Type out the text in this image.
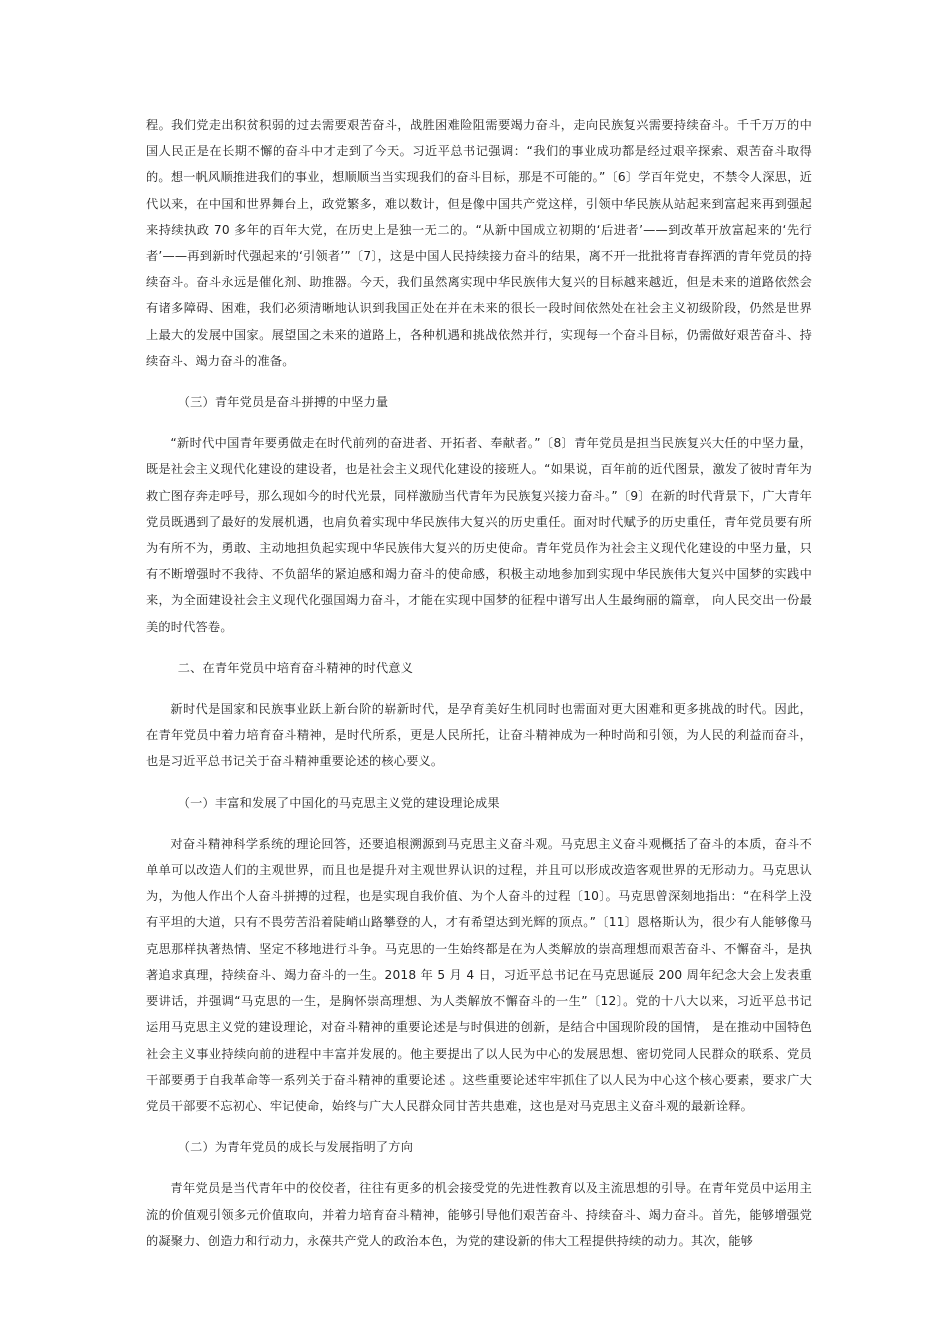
程。我们党走出积贫积弱的过去需要艰苦奋斗，战胜困难险阻需要竭力奋斗，走向民族复兴需要持续奋斗。千千万万的中国人民正是在长期不懈的奋斗中才走到了今天。习近平总书记强调：“我们的事业成功都是经过艰辛探索、艰苦奋斗取得的。想一帆风顺推进我们的事业，想顺顺当当实现我们的奋斗目标，那是不可能的。”〔6〕学百年党史，不禁令人深思，近代以来，在中国和世界舞台上，政党繁多，难以数计，但是像中国共产党这样，引领中华民族从站起来到富起来再到强起来持续执政 70 多年的百年大党，在历史上是独一无二的。“从新中国成立初期的‘后进者’——到改革开放富起来的‘先行者’——再到新时代强起来的‘引领者’”〔7〕，这是中国人民持续接力奋斗的结果，离不开一批批将青春挥洒的青年党员的持续奋斗。奋斗永远是催化剂、助推器。今天，我们虽然离实现中华民族伟大复兴的目标越来越近，但是未来的道路依然会有诸多障碍、困难，我们必须清晰地认识到我国正处在并在未来的很长一段时间依然处在社会主义初级阶段，仍然是世界上最大的发展中国家。展望国之未来的道路上，各种机遇和挑战依然并行，实现每一个奋斗目标，仍需做好艰苦奋斗、持续奋斗、竭力奋斗的准备。

（三）青年党员是奋斗拼搏的中坚力量

“新时代中国青年要勇做走在时代前列的奋进者、开拓者、奉献者。”〔8〕青年党员是担当民族复兴大任的中坚力量，既是社会主义现代化建设的建设者，也是社会主义现代化建设的接班人。“如果说，百年前的近代图景，激发了彼时青年为救亡图存奔走呼号，那么现如今的时代光景，同样激励当代青年为民族复兴接力奋斗。”〔9〕在新的时代背景下，广大青年党员既遇到了最好的发展机遇，也肩负着实现中华民族伟大复兴的历史重任。面对时代赋予的历史重任，青年党员要有所为有所不为，勇敢、主动地担负起实现中华民族伟大复兴的历史使命。青年党员作为社会主义现代化建设的中坚力量，只有不断增强时不我待、不负韶华的紧迫感和竭力奋斗的使命感，积极主动地参加到实现中华民族伟大复兴中国梦的实践中来，为全面建设社会主义现代化强国竭力奋斗，才能在实现中国梦的征程中谱写出人生最绚丽的篇章， 向人民交出一份最美的时代答卷。

二、在青年党员中培育奋斗精神的时代意义

新时代是国家和民族事业跃上新台阶的崭新时代，是孕育美好生机同时也需面对更大困难和更多挑战的时代。因此，在青年党员中着力培育奋斗精神，是时代所系，更是人民所托，让奋斗精神成为一种时尚和引领，为人民的利益而奋斗，也是习近平总书记关于奋斗精神重要论述的核心要义。

（一）丰富和发展了中国化的马克思主义党的建设理论成果

对奋斗精神科学系统的理论回答，还要追根溯源到马克思主义奋斗观。马克思主义奋斗观概括了奋斗的本质，奋斗不单单可以改造人们的主观世界，而且也是提升对主观世界认识的过程，并且可以形成改造客观世界的无形动力。马克思认为，为他人作出个人奋斗拼搏的过程，也是实现自我价值、为个人奋斗的过程〔10〕。马克思曾深刻地指出：“在科学上没有平坦的大道，只有不畏劳苦沿着陡峭山路攀登的人，才有希望达到光辉的顶点。”〔11〕恩格斯认为，很少有人能够像马克思那样执著热情、坚定不移地进行斗争。马克思的一生始终都是在为人类解放的崇高理想而艰苦奋斗、不懈奋斗，是执著追求真理，持续奋斗、竭力奋斗的一生。2018 年 5 月 4 日，习近平总书记在马克思诞辰 200 周年纪念大会上发表重要讲话，并强调“马克思的一生，是胸怀崇高理想、为人类解放不懈奋斗的一生”〔12〕。党的十八大以来，习近平总书记运用马克思主义党的建设理论，对奋斗精神的重要论述是与时俱进的创新，是结合中国现阶段的国情， 是在推动中国特色社会主义事业持续向前的进程中丰富并发展的。他主要提出了以人民为中心的发展思想、密切党同人民群众的联系、党员干部要勇于自我革命等一系列关于奋斗精神的重要论述 。这些重要论述牢牢抓住了以人民为中心这个核心要素，要求广大党员干部要不忘初心、牢记使命，始终与广大人民群众同甘苦共患难，这也是对马克思主义奋斗观的最新诠释。

（二）为青年党员的成长与发展指明了方向

青年党员是当代青年中的佼佼者，往往有更多的机会接受党的先进性教育以及主流思想的引导。在青年党员中运用主流的价值观引领多元价值取向，并着力培育奋斗精神，能够引导他们艰苦奋斗、持续奋斗、竭力奋斗。首先，能够增强党的凝聚力、创造力和行动力，永葆共产党人的政治本色，为党的建设新的伟大工程提供持续的动力。其次，能够
